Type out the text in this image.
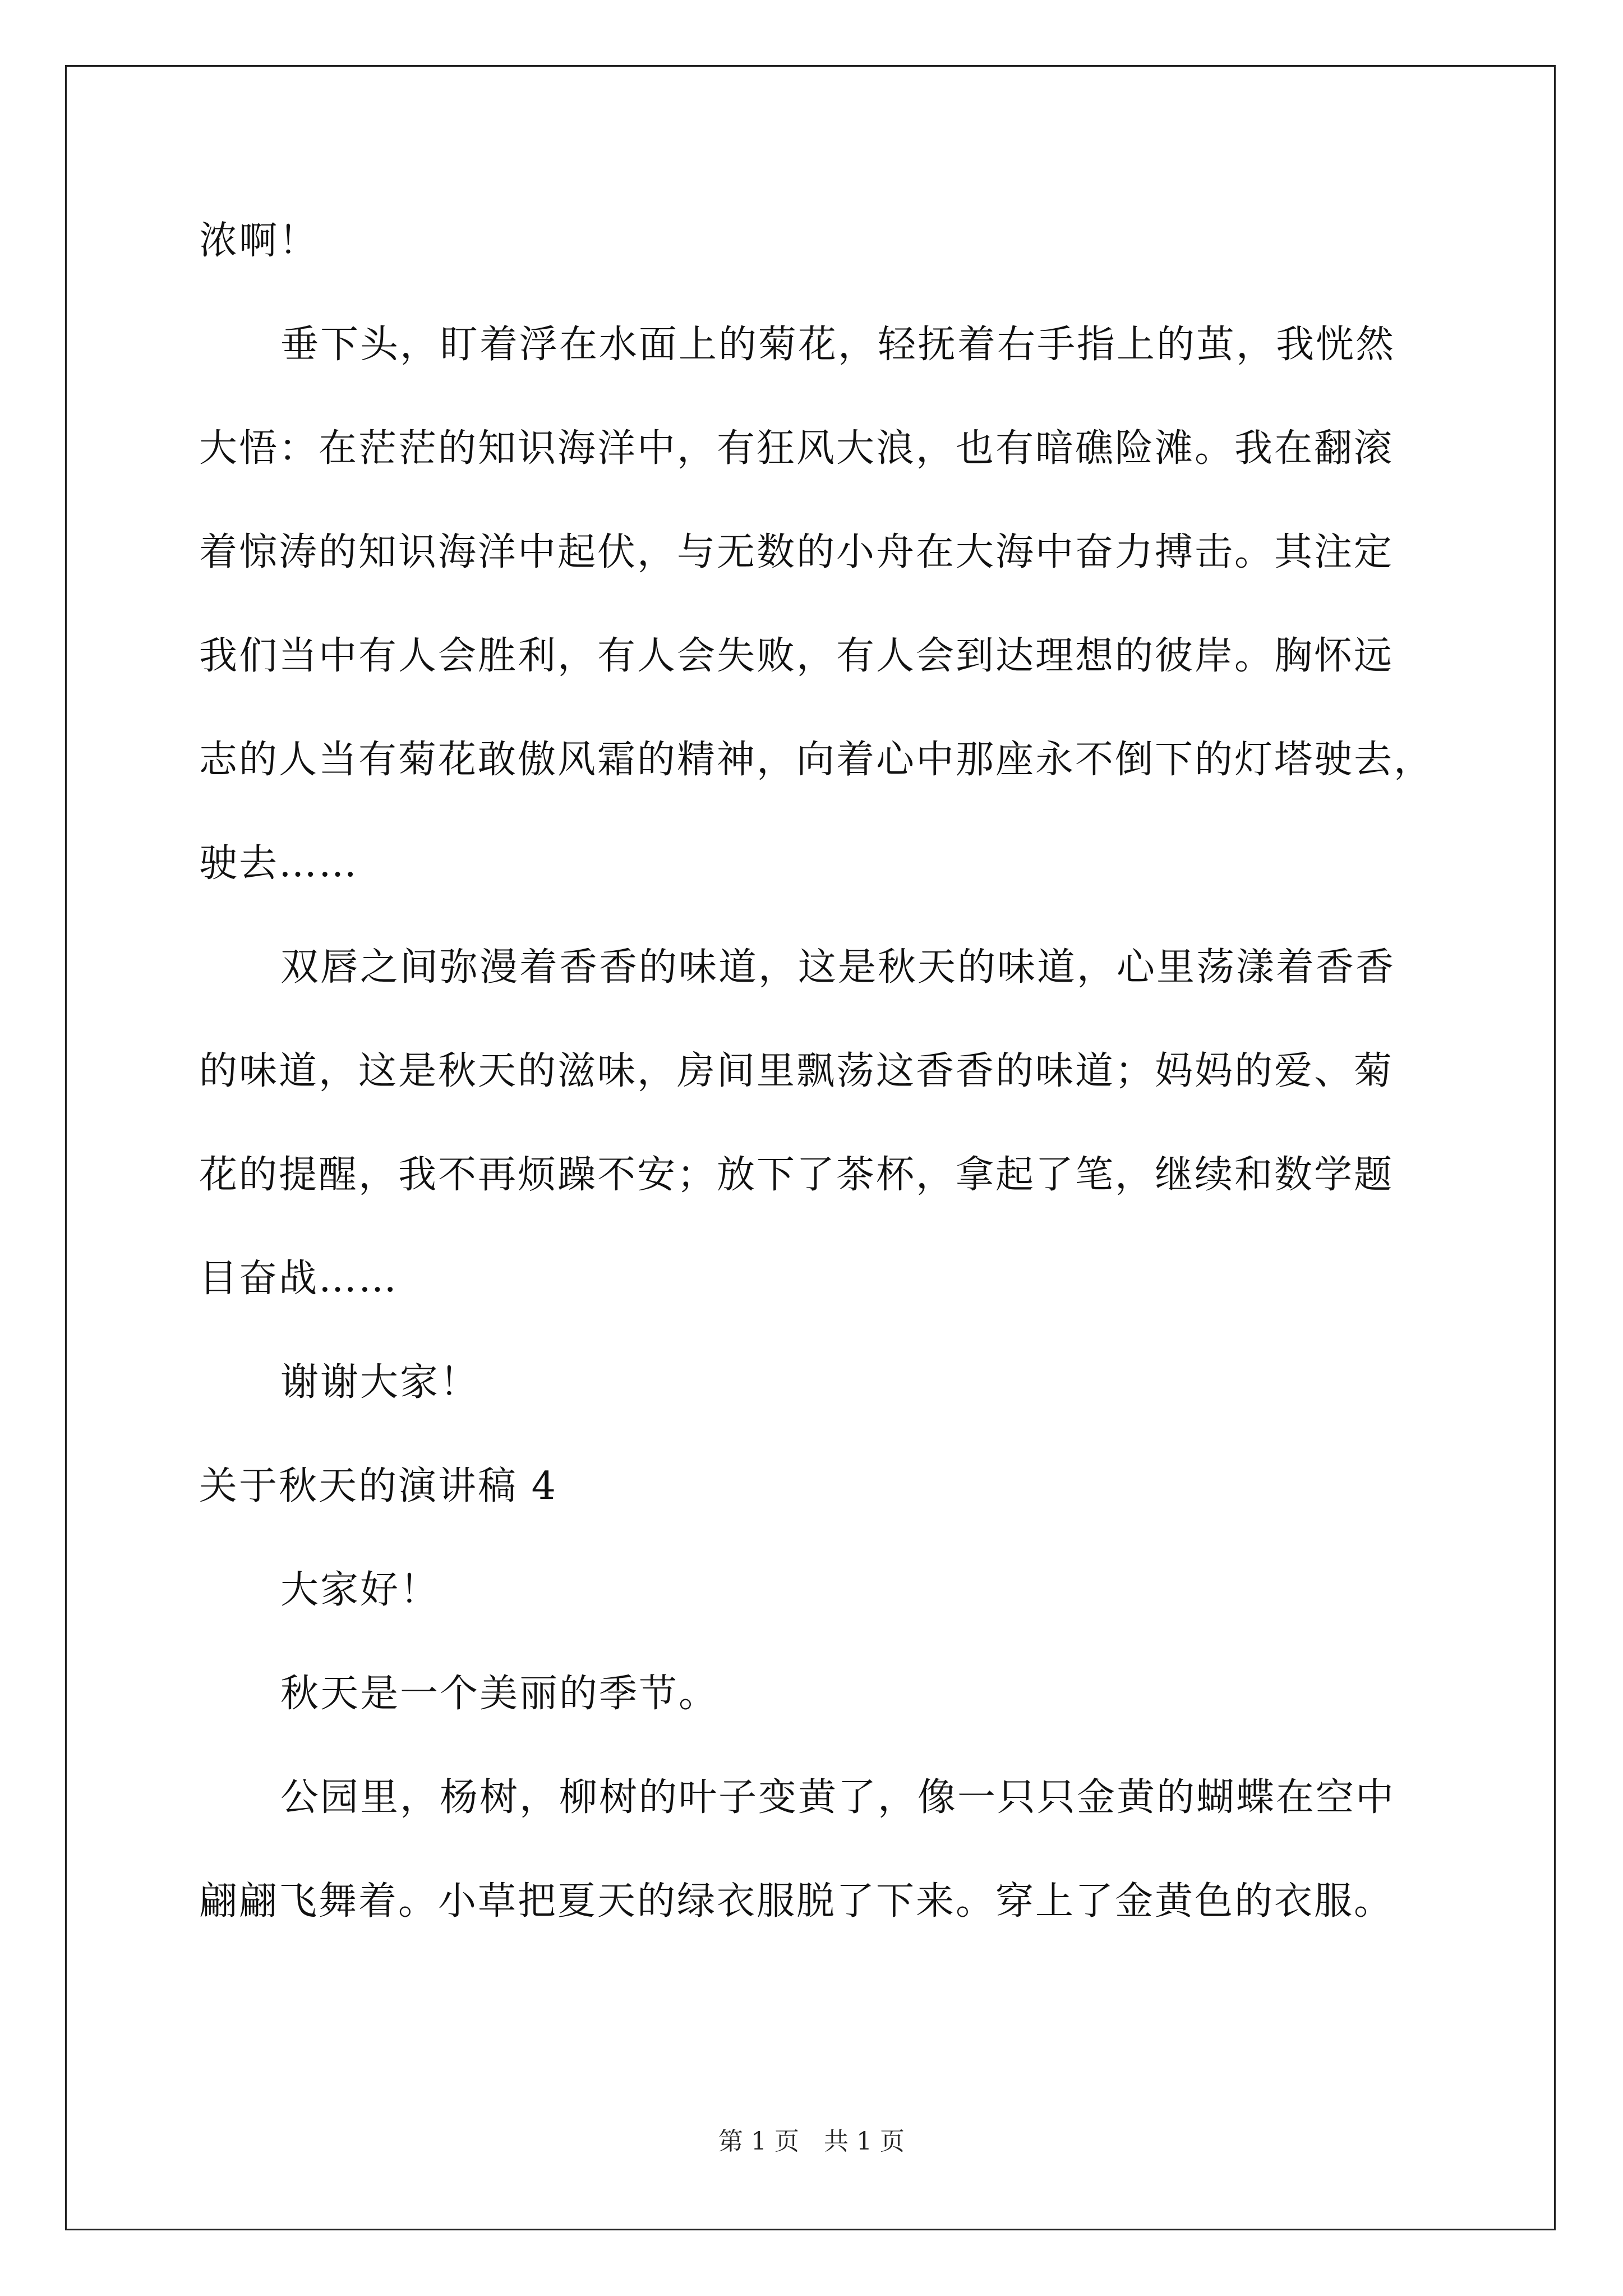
浓啊！
垂下头，盯着浮在水面上的菊花，轻抚着右手指上的茧，我恍然
大悟：在茫茫的知识海洋中，有狂风大浪，也有暗礁险滩。我在翻滚
着惊涛的知识海洋中起伏，与无数的小舟在大海中奋力搏击。其注定
我们当中有人会胜利，有人会失败，有人会到达理想的彼岸。胸怀远
志的人当有菊花敢傲风霜的精神，向着心中那座永不倒下的灯塔驶去，
驶去……
双唇之间弥漫着香香的味道，这是秋天的味道，心里荡漾着香香
的味道，这是秋天的滋味，房间里飘荡这香香的味道；妈妈的爱、菊
花的提醒，我不再烦躁不安；放下了茶杯，拿起了笔，继续和数学题
目奋战……
谢谢大家！
关于秋天的演讲稿 4
大家好！
秋天是一个美丽的季节。
公园里，杨树，柳树的叶子变黄了，像一只只金黄的蝴蝶在空中
翩翩飞舞着。小草把夏天的绿衣服脱了下来。穿上了金黄色的衣服。
第 1 页　共 1 页
